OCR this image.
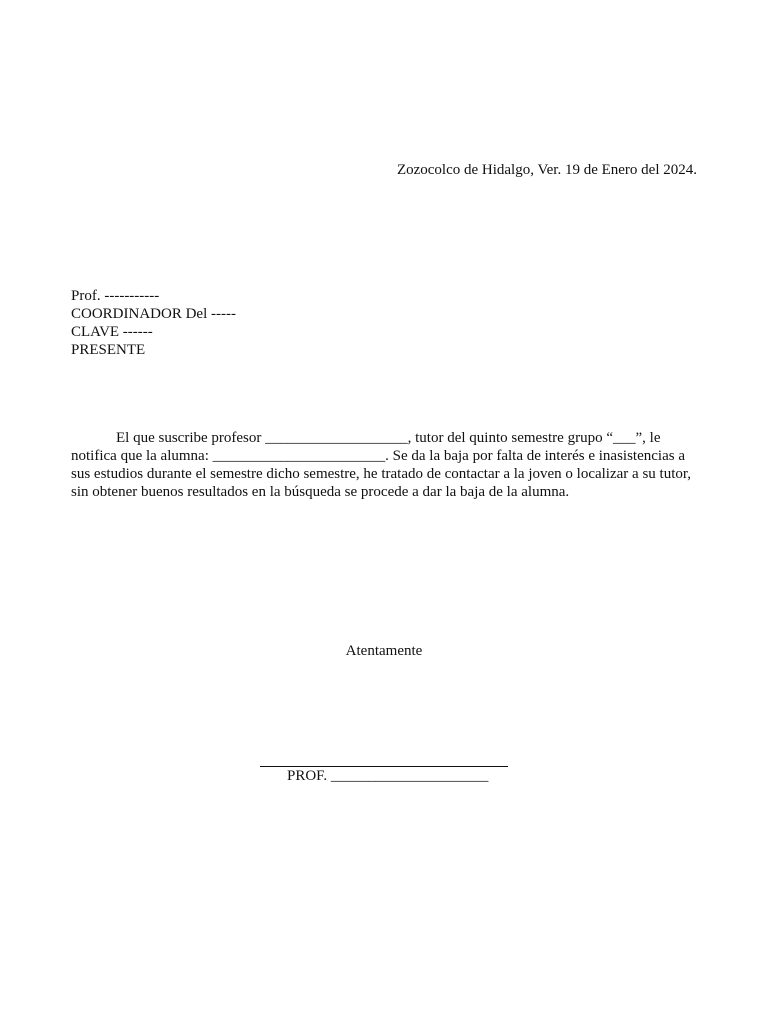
Zozocolco de Hidalgo, Ver. 19 de Enero del 2024.
Prof. -----------
COORDINADOR Del -----
CLAVE ------
PRESENTE
El que suscribe profesor ___________________, tutor del quinto semestre grupo “___”, le
notifica que la alumna: _______________________. Se da la baja por falta de interés e inasistencias a
sus estudios durante el semestre dicho semestre, he tratado de contactar a la joven o localizar a su tutor,
sin obtener buenos resultados en la búsqueda se procede a dar la baja de la alumna.
Atentamente
PROF. _____________________
